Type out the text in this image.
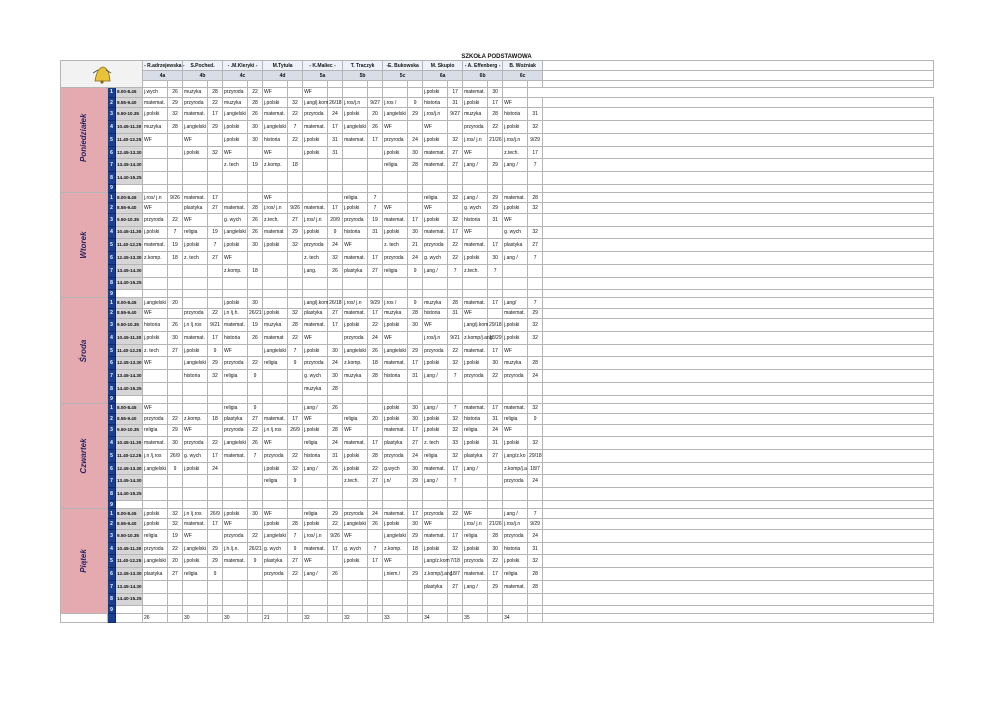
SZKOŁA PODSTAWOWA
	- R.adrzejewska -		S.Poched.		- .M.Kleryki -		M.Tytuła		- K.Maliec -		T. Traczyk		-E. Bukowska		M. Skupio		- A. Effenberg -		B. Woźniak		
			4a		4b		4c		4d		5a		5b		5c		6a		6b		6c		

Poniedziałek	1	8.00-8.45	j.wych	26	muzyka	28	przyroda	22	WF		WF						j.polski	17	matemat.	30			
	2	8.55-9.40	matemat.	29	przyroda	22	muzyka	28	j.polski	32	j.ang/j.kom	26/18	j.ros/j.n	9/27	j.ros /	9	historia	31	j.polski	17	WF		
	3	9.50-10.35	j.polski	32	matemat.	17	j.angielski	26	matemat.	22	przyroda	24	j.polski	20	j.angielski	29	j.ros/j.n	9/27	muzyka	28	historia	31	
	4	10.45-11.30	muzyka	28	j.angielski	29	j.polski	30	j.angielski	7	matemat.	17	j.angielski	26	WF		WF		przyroda	22	j.polski	32	
	5	11.40-12.25	WF		WF		j.polski	30	historia	22	j.polski	31	matemat.	17	przyroda	24	j.polski	32	j.ros/ j.n	21/26	j.ros/j.n	9/29	
	6	12.45-13.30			j.polski	32	WF		WF		j.polski	31			j.polski	30	matemat.	27	WF		z.tech.	17	
	7	13.45-14.30					z. tech	19	z.komp.	18					religia	28	matemat.	27	j.ang /	29	j.ang /	7	
	8	14.40-15.25																					
	9																						

Wtorek	1	8.00-8.45	j.ros/ j.n	9/26	matemat.	17			WF				religia	7			religia	32	j.ang /	29	matemat.	28	
	2	8.55-9.40	WF		plastyka	27	matemat.	28	j.ros/ j.n	9/26	matemat.	17	j.polski	7	WF		WF		g. wych	29	j.polski	32	
	3	9.50-10.35	przyroda	22	WF		g. wych	26	z.tech.	27	j.ros/ j.n	20/9	przyroda	19	matemat.	17	j.polski	32	historia	31	WF		
	4	10.45-11.30	j.polski	7	religia	19	j.angielski	26	matemat	29	j.polski	9	historia	31	j.polski	30	matemat.	17	WF		g. wych	32	
	5	11.40-12.25	matemat.	19	j.polski	7	j.polski	30	j.polski	32	przyroda	24	WF		z. tech	21	przyroda	22	matemat.	17	plastyka	27	
	6	12.45-13.30	z.komp.	18	z. tech	27	WF				z. tech	32	matemat.	17	przyroda	24	g. wych	22	j.polski	30	j.ang /	7	
	7	13.45-14.30					z.komp.	18			j.ang.	26	plastyka	27	religia	9	j.ang /	7	z.tech.	7			
	8	14.40-15.25																					
	9																						

Środa	1	8.00-8.45	j.angielski	20			j.polski	30			j.ang/j.kom	26/18	j.ros/ j.n	9/29	j.ros /	9	muzyka	28	matemat.	17	j.ang/	7	
	2	8.55-9.40	WF		przyroda	22	j.n /j.h.	26/21	j.polski	32	plastyka	27	matemat.	17	muzyka	28	historia	31	WF		matemat.	29	
	3	9.50-10.35	historia	26	j.n /j.ros	9/21	matemat.	19	muzyka	28	matemat.	17	j.polski	22	j.polski	30	WF		j.ang/j.kom	29/18	j.polski	32	
	4	10.45-11.30	j.polski	30	matemat.	17	historia	26	matemat	22	WF		przyroda	24	WF		j.ros/j.n	9/21	z.komp/j.ang	18/29	j.polski	32	
	5	11.40-12.25	z. tech	27	j.polski	9	WF		j.angielski	7	j.polski	30	j.angielski	26	j.angielski	29	przyroda	22	matemat.	17	WF		
	6	12.45-13.30	WF		j.angielski	29	przyroda	22	religia	9	przyroda	24	z.komp.	18	matemat.	17	j.polski	32	j.polski	30	muzyka	28	
	7	13.45-14.30			historia	32	religia	9			g. wych	30	muzyka	28	historia	31	j.ang /	7	przyroda	22	przyroda	24	
	8	14.40-15.25									muzyka	28											
	9																						

Czwartek	1	8.00-8.45	WF				religia	9			j.ang /	26			j.polski	30	j.ang /	7	matemat.	17	matemat.	32	
	2	8.55-9.40	przyroda	22	z.komp.	18	plastyka	27	matemat.	17	WF		religia	20	j.polski	30	j.polski	32	historia	31	religia	9	
	3	9.50-10.35	religia	29	WF		przyroda	22	j.n /j.ros	26/9	j.polski	28	WF		matemat.	17	j.polski	32	religia	24	WF		
	4	10.45-11.30	matemat.	30	przyroda	22	j.angielski	26	WF		religia	24	matemat.	17	plastyka	27	z. tech	33	j.polski	31	j.polski	32	
	5	11.40-12.25	j.n /j.ros	26/9	g. wych	17	matemat.	7	przyroda	22	historia	31	j.polski	28	przyroda	24	religia	32	plastyka	27	j.ang/z.ko	29/18	
	6	12.45-13.30	j.angielski	9	j.polski	24			j.polski	32	j.ang /	26	j.polski	22	g.wych	30	matemat.	17	j.ang /		z.komp/j.a	18/7	
	7	13.45-14.30							religia	9			z.tech.	27	j.n/	29	j.ang /	7			przyroda	24	
	8	14.40-15.25																					
	9																						

Piątek	1	8.00-8.45	j.polski	32	j.n /j.ros	26/9	j.polski	30	WF		religia	29	przyroda	24	matemat.	17	przyroda	22	WF		j.ang /	7	
	2	8.55-9.40	j.polski	32	matemat.	17	WF		j.polski	28	j.polski	22	j.angielski	26	j.polski	30	WF		j.ros/ j.n	21/26	j.ros/j.n	9/29	
	3	9.50-10.35	religia	19	WF		przyroda	22	j.angielski	7	j.ros/ j.n	9/26	WF		j.angielski	29	matemat.	17	religia	28	przyroda	24	
	4	10.45-11.30	przyroda	22	j.angielski	29	j.h./j.n.	26/21	g. wych	9	matemat.	17	g. wych	7	z.komp.	18	j.polski	32	j.polski	30	historia	31	
	5	11.40-12.25	j.angielski	20	j.polski	29	matemat.	9	plastyka	27	WF		j.polski	17	WF		j.ang/z.kom	7/18	przyroda	22	j.polski	32	
	6	12.45-13.30	plastyka	27	religia	9			przyroda	22	j.ang /	26			j.niem./	29	z.komp/j.ang	18/7	matemat.	17	religia	28	
	7	13.45-14.30															plastyka	27	j.ang /	29	matemat.	28	
	8	14.40-15.25																					
	9																						
			26		30		30		21		32		32		33		34		35		34		
